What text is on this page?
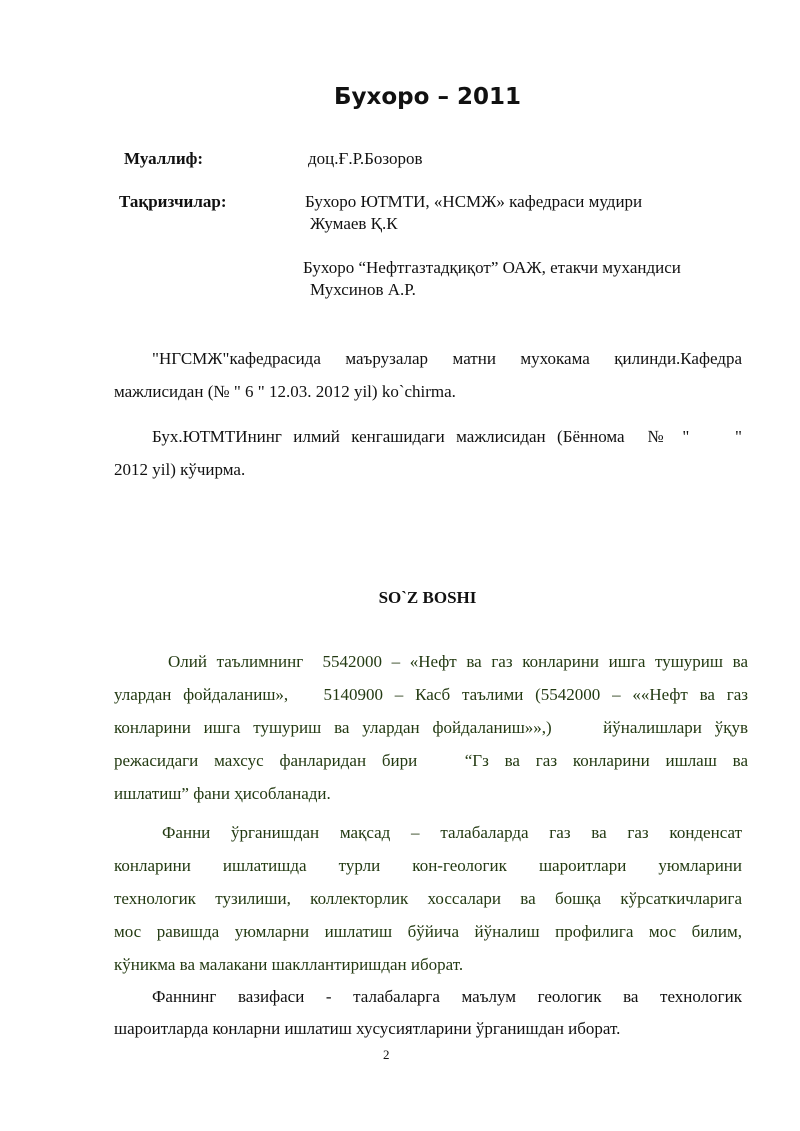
Бухоро – 2011
Муаллиф:	доц.Ғ.Р.Бозоров
Тақризчилар:	Бухоро ЮТМТИ, «НСМЖ» кафедраси мудири
Жумаев Қ.К
Бухоро “Нефтгазтадқиқот” ОАЖ, етакчи мухандиси
Мухсинов А.Р.
"НГСМЖ"кафедрасида маърузалар матни мухокама қилинди.Кафедра
мажлисидан (№ " 6 " 12.03. 2012 yil) ko`chirma.
Бух.ЮТМТИнинг илмий кенгашидаги мажлисидан (Бённома  № "    "
2012 yil) кўчирма.
SO`Z BOSHI
Олий таълимнинг  5542000 – «Нефт ва газ конларини ишга тушуриш ва
улардан фойдаланиш»,   5140900 – Касб таълими (5542000 – ««Нефт ва газ
конларини ишга тушуриш ва улардан фойдаланиш»»,)    йўналишлари ўқув
режасидаги махсус фанларидан бири   “Гз ва газ конларини ишлаш ва
ишлатиш” фани ҳисобланади.
Фанни ўрганишдан мақсад – талабаларда газ ва газ конденсат
конларини ишлатишда турли кон-геологик шароитлари уюмларини
технологик тузилиши, коллекторлик хоссалари ва бошқа кўрсаткичларига
мос равишда уюмларни ишлатиш бўйича йўналиш профилига мос билим,
кўникма ва малакани шакллантиришдан иборат.
Фаннинг вазифаси - талабаларга маълум геологик ва технологик
шароитларда конларни ишлатиш хусусиятларини ўрганишдан иборат.
2
